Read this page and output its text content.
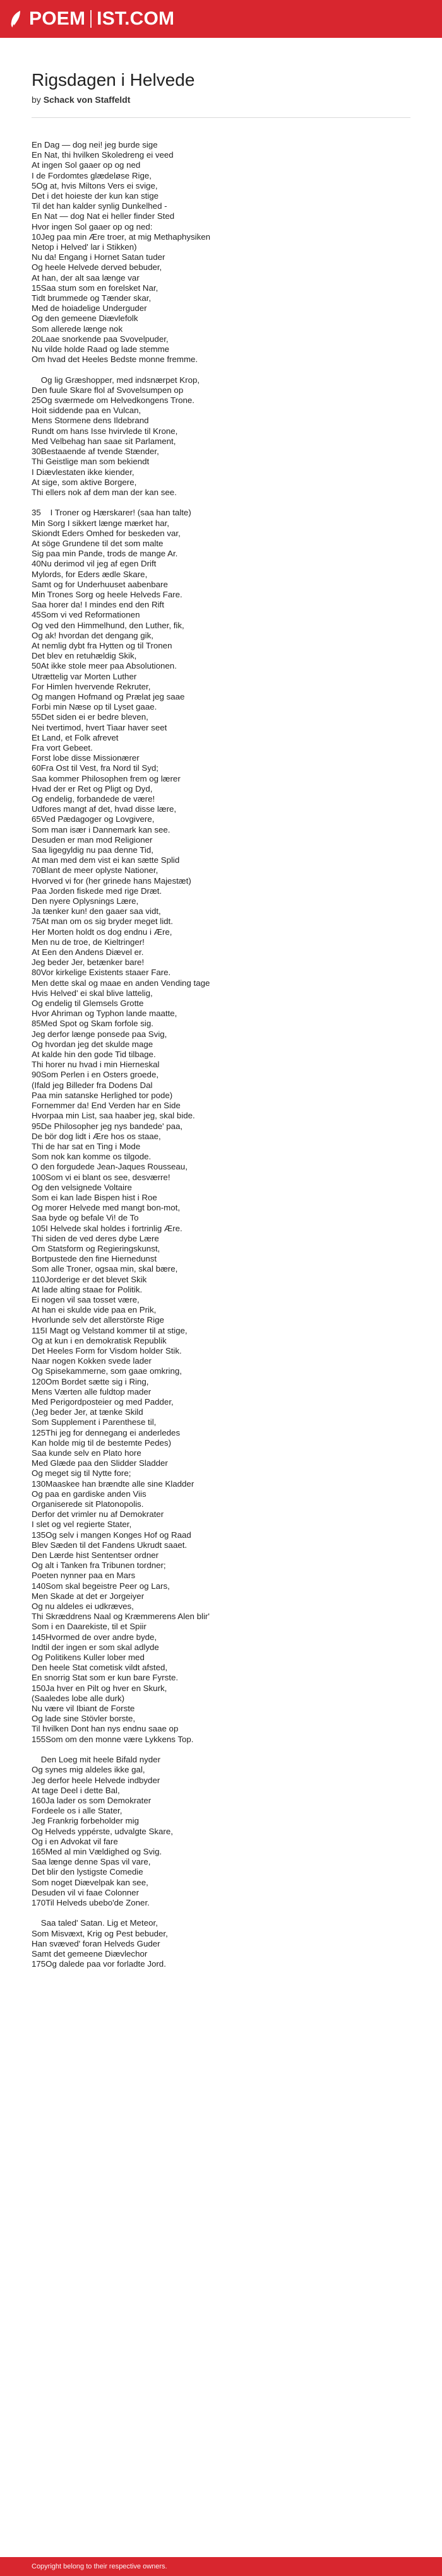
POEM IST.COM
Rigsdagen i Helvede
by Schack von Staffeldt
En Dag — dog nei! jeg burde sige
En Nat, thi hvilken Skoledreng ei veed
At ingen Sol gaaer op og ned
I de Fordomtes glædeløse Rige,
5Og at, hvis Miltons Vers ei svige,
Det i det hoieste der kun kan stige
Til det han kalder synlig Dunkelhed -
En Nat — dog Nat ei heller finder Sted
Hvor ingen Sol gaaer op og ned:
10Jeg paa min Ære troer, at mig Methaphysiken
Netop i Helved' lar i Stikken)
Nu da! Engang i Hornet Satan tuder
Og heele Helvede derved bebuder,
At han, der alt saa længe var
15Saa stum som en forelsket Nar,
Tidt brummede og Tænder skar,
Med de hoiadelige Underguder
Og den gemeene Diævlefolk
Som allerede længe nok
20Laae snorkende paa Svovelpuder,
Nu vilde holde Raad og lade stemme
Om hvad det Heeles Bedste monne fremme.

Og lig Græshopper, med indsnærpet Krop,
Den fuule Skare flol af Svovelsumpen op
25Og sværmede om Helvedkongens Trone.
Hoit siddende paa en Vulcan,
Mens Stormene dens Ildebrand
Rundt om hans Isse hvirvlede til Krone,
Med Velbehag han saae sit Parlament,
30Bestaaende af tvende Stænder,
Thi Geistlige man som bekiendt
I Diævlestaten ikke kiender,
At sige, som aktive Borgere,
Thi ellers nok af dem man der kan see.

35    I Troner og Hærskarer! (saa han talte)
Min Sorg I sikkert længe mærket har,
Skiondt Eders Omhed for beskeden var,
At söge Grundene til det som malte
Sig paa min Pande, trods de mange Ar.
40Nu derimod vil jeg af egen Drift
Mylords, for Eders ædle Skare,
Samt og for Underhuuset aabenbare
Min Trones Sorg og heele Helveds Fare.
Saa horer da! I mindes end den Rift
45Som vi ved Reformationen
Og ved den Himmelhund, den Luther, fik,
Og ak! hvordan det dengang gik,
At nemlig dybt fra Hytten og til Tronen
Det blev en retuhældig Skik,
50At ikke stole meer paa Absolutionen.
Utrættelig var Morten Luther
For Himlen hvervende Rekruter,
Og mangen Hofmand og Prælat jeg saae
Forbi min Næse op til Lyset gaae.
55Det siden ei er bedre bleven,
Nei tvertimod, hvert Tiaar haver seet
Et Land, et Folk afrevet
Fra vort Gebeet.
Forst lobe disse Missionærer
60Fra Ost til Vest, fra Nord til Syd;
Saa kommer Philosophen frem og lærer
Hvad der er Ret og Pligt og Dyd,
Og endelig, forbandede de være!
Udfores mangt af det, hvad disse lære,
65Ved Pædagoger og Lovgivere,
Som man især i Dannemark kan see.
Desuden er man mod Religioner
Saa ligegyldig nu paa denne Tid,
At man med dem vist ei kan sætte Splid
70Blant de meer oplyste Nationer,
Hvorved vi for (her grinede hans Majestæt)
Paa Jorden fiskede med rige Dræt.
Den nyere Oplysnings Lære,
Ja tænker kun! den gaaer saa vidt,
75At man om os sig bryder meget lidt.
Her Morten holdt os dog endnu i Ære,
Men nu de troe, de Kieltringer!
At Een den Andens Diævel er.
Jeg beder Jer, betænker bare!
80Vor kirkelige Existents staaer Fare.
Men dette skal og maae en anden Vending tage
Hvis Helved' ei skal blive lattelig,
Og endelig til Glemsels Grotte
Hvor Ahriman og Typhon lande maatte,
85Med Spot og Skam forfole sig.
Jeg derfor længe ponsede paa Svig,
Og hvordan jeg det skulde mage
At kalde hin den gode Tid tilbage.
Thi horer nu hvad i min Hierneskal
90Som Perlen i en Osters groede,
(Ifald jeg Billeder fra Dodens Dal
Paa min satanske Herlighed tor pode)
Fornemmer da! End Verden har en Side
Hvorpaa min List, saa haaber jeg, skal bide.
95De Philosopher jeg nys bandede' paa,
De bör dog lidt i Ære hos os staae,
Thi de har sat en Ting i Mode
Som nok kan komme os tilgode.
O den forgudede Jean-Jaques Rousseau,
100Som vi ei blant os see, desværre!
Og den velsignede Voltaire
Som ei kan lade Bispen hist i Roe
Og morer Helvede med mangt bon-mot,
Saa byde og befale Vi! de To
105I Helvede skal holdes i fortrinlig Ære.
Thi siden de ved deres dybe Lære
Om Statsform og Regieringskunst,
Bortpustede den fine Hiernedunst
Som alle Troner, ogsaa min, skal bære,
110Jorderige er det blevet Skik
At lade alting staae for Politik.
Ei nogen vil saa tosset være,
At han ei skulde vide paa en Prik,
Hvorlunde selv det allerstörste Rige
115I Magt og Velstand kommer til at stige,
Og at kun i en demokratisk Republik
Det Heeles Form for Visdom holder Stik.
Naar nogen Kokken svede lader
Og Spisekammerne, som gaae omkring,
120Om Bordet sætte sig i Ring,
Mens Værten alle fuldtop mader
Med Perigordposteier og med Padder,
(Jeg beder Jer, at tænke Skild
Som Supplement i Parenthese til,
125Thi jeg for dennegang ei anderledes
Kan holde mig til de bestemte Pedes)
Saa kunde selv en Plato hore
Med Glæde paa den Slidder Sladder
Og meget sig til Nytte fore;
130Maaskee han brændte alle sine Kladder
Og paa en gardiske anden Viis
Organiserede sit Platonopolis.
Derfor det vrimler nu af Demokrater
I slet og vel regierte Stater,
135Og selv i mangen Konges Hof og Raad
Blev Sæden til det Fandens Ukrudt saaet.
Den Lærde hist Sententser ordner
Og alt i Tanken fra Tribunen tordner;
Poeten nynner paa en Mars
140Som skal begeistre Peer og Lars,
Men Skade at det er Jorgeiyer
Og nu aldeles ei udkræves,
Thi Skræddrens Naal og Kræmmerens Alen blir'
Som i en Daarekiste, til et Spiir
145Hvormed de over andre byde,
Indtil der ingen er som skal adlyde
Og Politikens Kuller lober med
Den heele Stat cometisk vildt afsted,
En snorrig Stat som er kun bare Fyrste.
150Ja hver en Pilt og hver en Skurk,
(Saaledes lobe alle durk)
Nu være vil Ibiant de Forste
Og lade sine Stövler borste,
Til hvilken Dont han nys endnu saae op
155Som om den monne være Lykkens Top.

Den Loeg mit heele Bifald nyder
Og synes mig aldeles ikke gal,
Jeg derfor heele Helvede indbyder
At tage Deel i dette Bal,
160Ja lader os som Demokrater
Fordeele os i alle Stater,
Jeg Frankrig forbeholder mig
Og Helveds yppérste, udvalgte Skare,
Og i en Advokat vil fare
165Med al min Vældighed og Svig.
Saa længe denne Spas vil vare,
Det blir den lystigste Comedie
Som noget Diævelpak kan see,
Desuden vil vi faae Colonner
170Til Helveds ubebo'de Zoner.

Saa taled' Satan. Lig et Meteor,
Som Misvæxt, Krig og Pest bebuder,
Han svæved' foran Helveds Guder
Samt det gemeene Diævlechor
175Og dalede paa vor forladte Jord.
Copyright belong to their respective owners.
